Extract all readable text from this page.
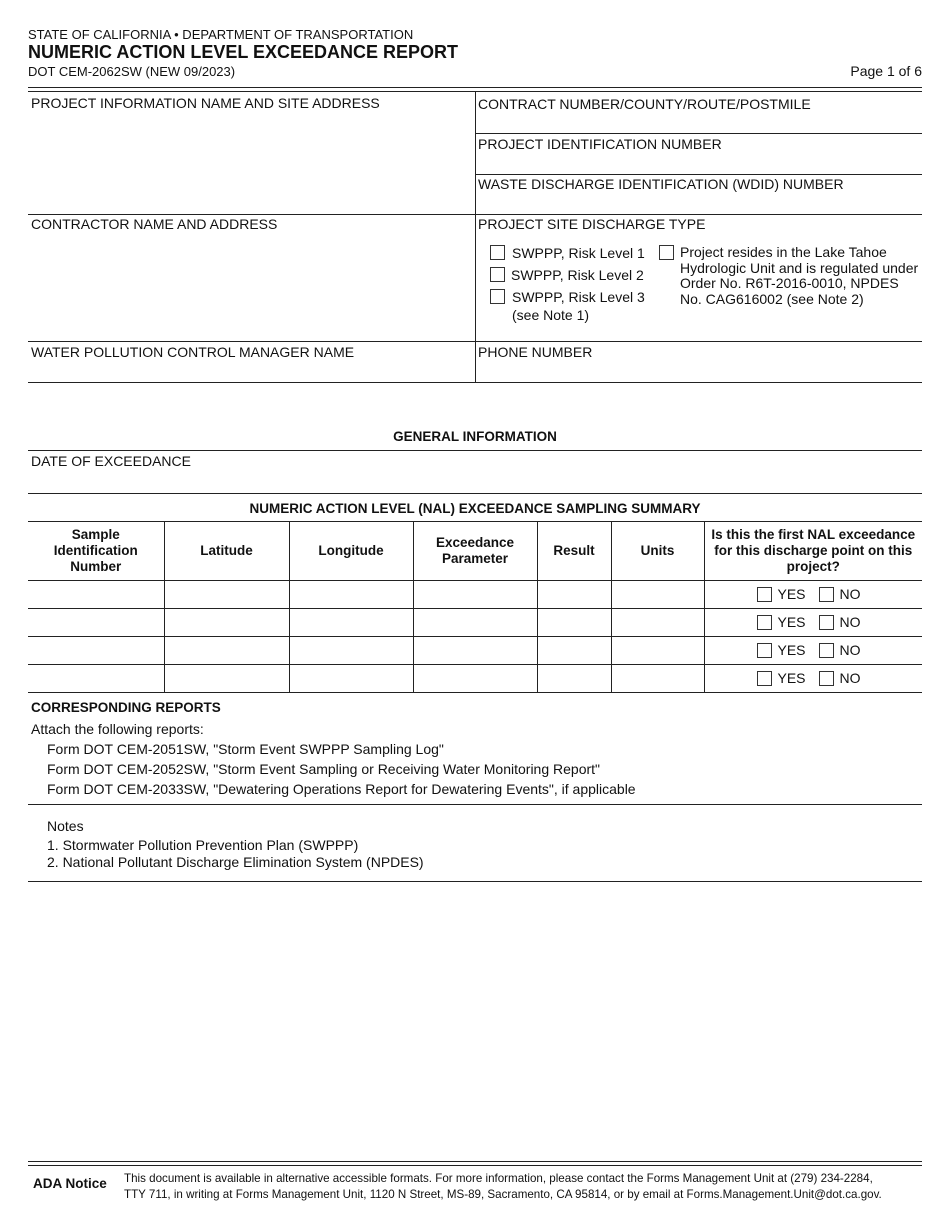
STATE OF CALIFORNIA • DEPARTMENT OF TRANSPORTATION
NUMERIC ACTION LEVEL EXCEEDANCE REPORT
DOT CEM-2062SW (NEW 09/2023)	Page 1 of 6
PROJECT INFORMATION NAME AND SITE ADDRESS	CONTRACT NUMBER/COUNTY/ROUTE/POSTMILE
PROJECT IDENTIFICATION NUMBER
WASTE DISCHARGE IDENTIFICATION (WDID) NUMBER
CONTRACTOR NAME AND ADDRESS	PROJECT SITE DISCHARGE TYPE
SWPPP, Risk Level 1
SWPPP, Risk Level 2
SWPPP, Risk Level 3
(see Note 1)
Project resides in the Lake Tahoe
Hydrologic Unit and is regulated under
Order No. R6T-2016-0010, NPDES
No. CAG616002 (see Note 2)
WATER POLLUTION CONTROL MANAGER NAME	PHONE NUMBER
GENERAL INFORMATION
DATE OF EXCEEDANCE
NUMERIC ACTION LEVEL (NAL) EXCEEDANCE SAMPLING SUMMARY
Sample Identification Number	Latitude	Longitude	Exceedance Parameter	Result	Units	Is this the first NAL exceedance for this discharge point on this project?

						YES NO

						YES NO

						YES NO

						YES NO
CORRESPONDING REPORTS
Attach the following reports:
Form DOT CEM-2051SW, "Storm Event SWPPP Sampling Log"
Form DOT CEM-2052SW, "Storm Event Sampling or Receiving Water Monitoring Report"
Form DOT CEM-2033SW, "Dewatering Operations Report for Dewatering Events", if applicable
Notes
1. Stormwater Pollution Prevention Plan (SWPPP)
2. National Pollutant Discharge Elimination System (NPDES)
ADA Notice This document is available in alternative accessible formats. For more information, please contact the Forms Management Unit at (279) 234-2284,
TTY 711, in writing at Forms Management Unit, 1120 N Street, MS-89, Sacramento, CA 95814, or by email at Forms.Management.Unit@dot.ca.gov.
